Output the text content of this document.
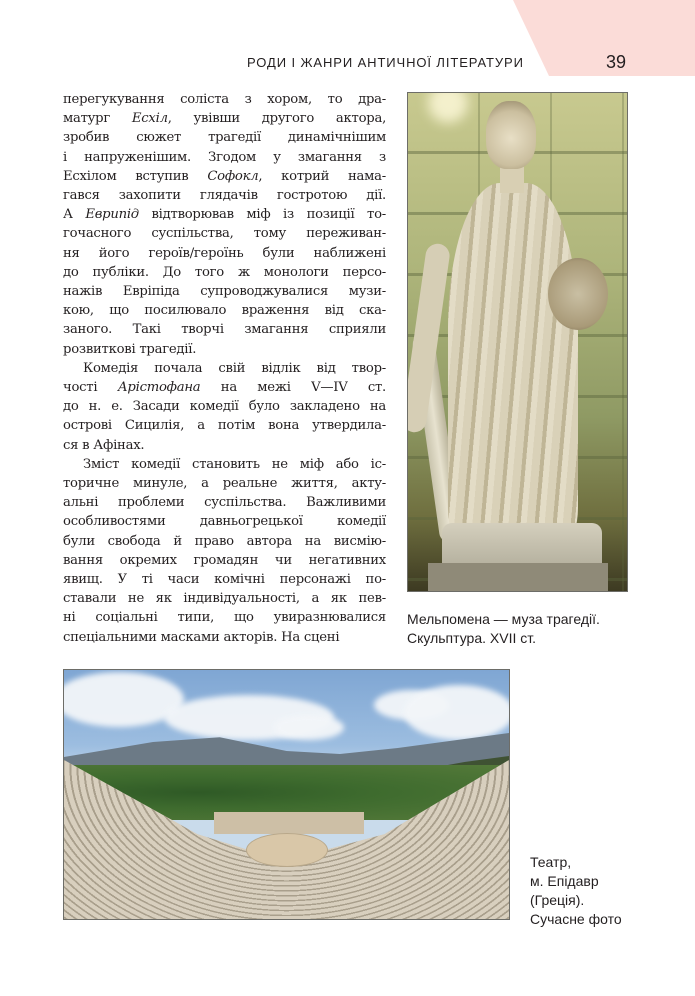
РОДИ І ЖАНРИ АНТИЧНОЇ ЛІТЕРАТУРИ	39

перегукування соліста з хором, то дра-
матург Есхіл, увівши другого актора,
зробив сюжет трагедії динамічнішим
і напруженішим. Згодом у змагання з
Есхілом вступив Софокл, котрий нама-
гався захопити глядачів гостротою дії.
А Еврипід відтворював міф із позиції то-
гочасного суспільства, тому переживан-
ня його героїв/героїнь були наближені
до публіки. До того ж монологи персо-
нажів Евріпіда супроводжувалися музи-
кою, що посилювало враження від ска-
заного. Такі творчі змагання сприяли
розвиткові трагедії.

Комедія почала свій відлік від твор-
чості Арістофана на межі V—IV ст.
до н. е. Засади комедії було закладено на
острові Сицилія, а потім вона утвердила-
ся в Афінах.

Зміст комедії становить не міф або іс-
торичне минуле, а реальне життя, акту-
альні проблеми суспільства. Важливими
особливостями давньогрецької комедії
були свобода й право автора на висмію-
вання окремих громадян чи негативних
явищ. У ті часи комічні персонажі по-
ставали не як індивідуальності, а як пев-
ні соціальні типи, що увиразнювалися
спеціальними масками акторів. На сцені

Мельпомена — муза трагедії.
Скульптура. XVII ст.
Театр,
м. Епідавр
(Греція).
Сучасне фото
